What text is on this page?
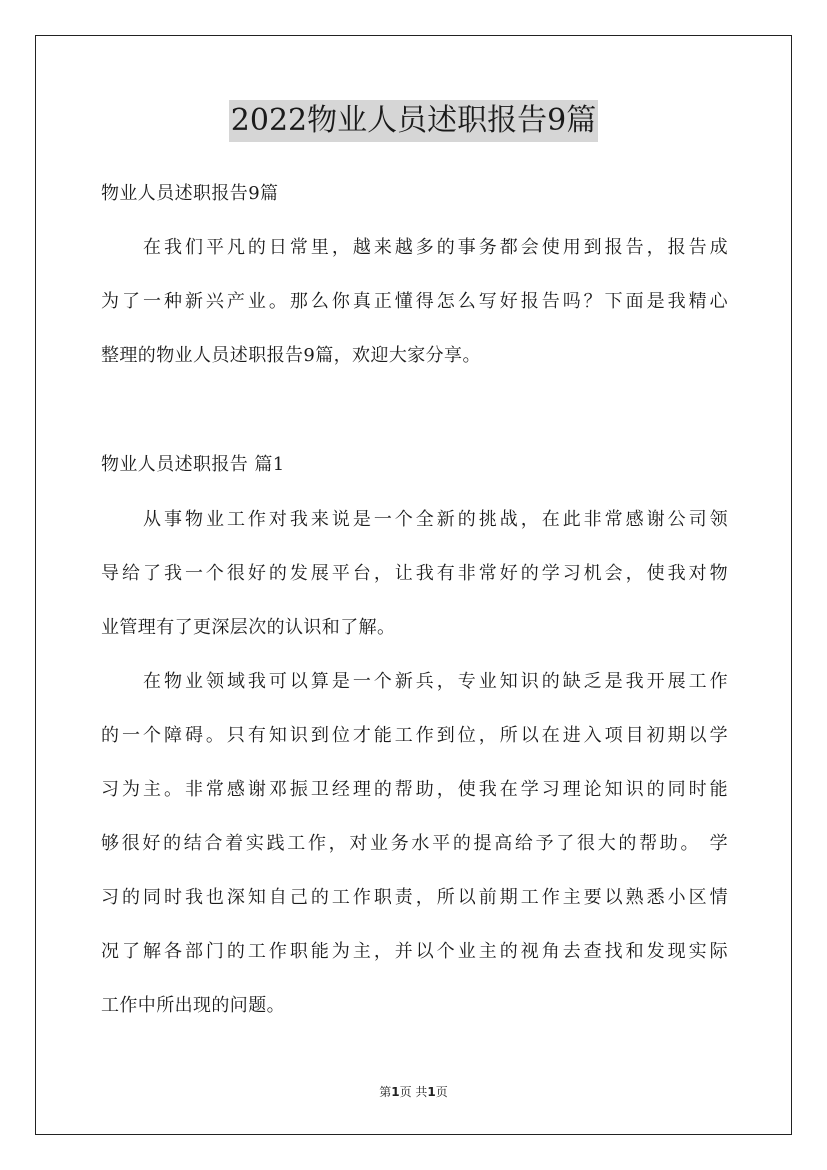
2022物业人员述职报告9篇
物业人员述职报告9篇
在我们平凡的日常里，越来越多的事务都会使用到报告，报告成
为了一种新兴产业。那么你真正懂得怎么写好报告吗？下面是我精心
整理的物业人员述职报告9篇，欢迎大家分享。
物业人员述职报告 篇1
从事物业工作对我来说是一个全新的挑战，在此非常感谢公司领
导给了我一个很好的发展平台，让我有非常好的学习机会，使我对物
业管理有了更深层次的认识和了解。
在物业领域我可以算是一个新兵，专业知识的缺乏是我开展工作
的一个障碍。只有知识到位才能工作到位，所以在进入项目初期以学
习为主。非常感谢邓振卫经理的帮助，使我在学习理论知识的同时能
够很好的结合着实践工作，对业务水平的提高给予了很大的帮助。 学
习的同时我也深知自己的工作职责，所以前期工作主要以熟悉小区情
况了解各部门的工作职能为主，并以个业主的视角去查找和发现实际
工作中所出现的问题。
第1页 共1页
